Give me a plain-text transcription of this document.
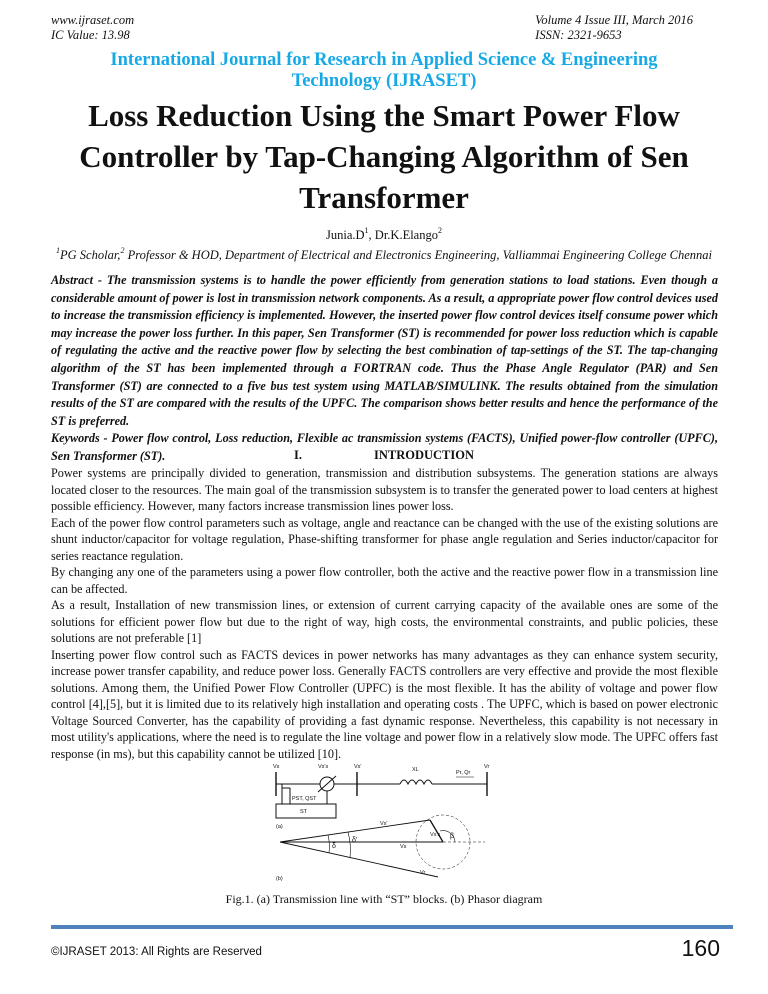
www.ijraset.com
IC Value: 13.98
Volume 4 Issue III, March 2016
ISSN: 2321-9653
International Journal for Research in Applied Science & Engineering
Technology (IJRASET)
Loss Reduction Using the Smart Power Flow
Controller by Tap-Changing Algorithm of Sen
Transformer
$Junia.D^1$, Dr.K.Elango$^2$
$^1$PG Scholar,$^2$ Professor & HOD, Department of Electrical and Electronics Engineering, Valliammai Engineering College Chennai

Abstract - The transmission systems is to handle the power efficiently from generation stations to load stations. Even though a considerable amount of power is lost in transmission network components. As a result, a appropriate power flow control devices used to increase the transmission efficiency is implemented. However, the inserted power flow control devices itself consume power which may increase the power loss further. In this paper, Sen Transformer (ST) is recommended for power loss reduction which is capable of regulating the active and the reactive power flow by selecting the best combination of tap-settings of the ST. The tap-changing algorithm of the ST has been implemented through a FORTRAN code. Thus the Phase Angle Regulator (PAR) and Sen Transformer (ST) are connected to a five bus test system using MATLAB/SIMULINK. The results obtained from the simulation results of the ST are compared with the results of the UPFC. The comparison shows better results and hence the performance of the ST is preferred.

Keywords - Power flow control, Loss reduction, Flexible ac transmission systems (FACTS), Unified power-flow controller (UPFC), Sen Transformer (ST).	I.	INTRODUCTION

Power systems are principally divided to generation, transmission and distribution subsystems. The generation stations are always located closer to the resources. The main goal of the transmission subsystem is to transfer the generated power to load centers at highest possible efficiency. However, many factors increase transmission lines power loss.

Each of the power flow control parameters such as voltage, angle and reactance can be changed with the use of the existing solutions are shunt inductor/capacitor for voltage regulation, Phase-shifting transformer for phase angle regulation and Series inductor/capacitor for series reactance regulation.

By changing any one of the parameters using a power flow controller, both the active and the reactive power flow in a transmission line can be affected.

As a result, Installation of new transmission lines, or extension of current carrying capacity of the available ones are some of the solutions for efficient power flow but due to the right of way, high costs, the environmental constraints, and public policies, these solutions are not preferable [1]

Inserting power flow control such as FACTS devices in power networks has many advantages as they can enhance system security, increase power transfer capability, and reduce power loss. Generally FACTS controllers are very effective and provide the most flexible solutions. Among them, the Unified Power Flow Controller (UPFC) is the most flexible. It has the ability of voltage and power flow control [4],[5], but it is limited due to its relatively high installation and operating costs . The UPFC, which is based on power electronic Voltage Sourced Converter, has the capability of providing a fast dynamic response. Nevertheless, this capability is not necessary in most utility's applications, where the need is to regulate the line voltage and power flow in a relatively slow mode. The UPFC offers fast response (in ms), but this capability cannot be utilized [10].

Vs	Vs's	Vs'	XL	Pr, Qr
Vr
PST, QST
ST
(a)
(b)
Vs'
Vs's
Vs
Vr
δ'
δ
β
Fig.1. (a) Transmission line with “ST” blocks. (b) Phasor diagram
©IJRASET 2013: All Rights are Reserved	160
